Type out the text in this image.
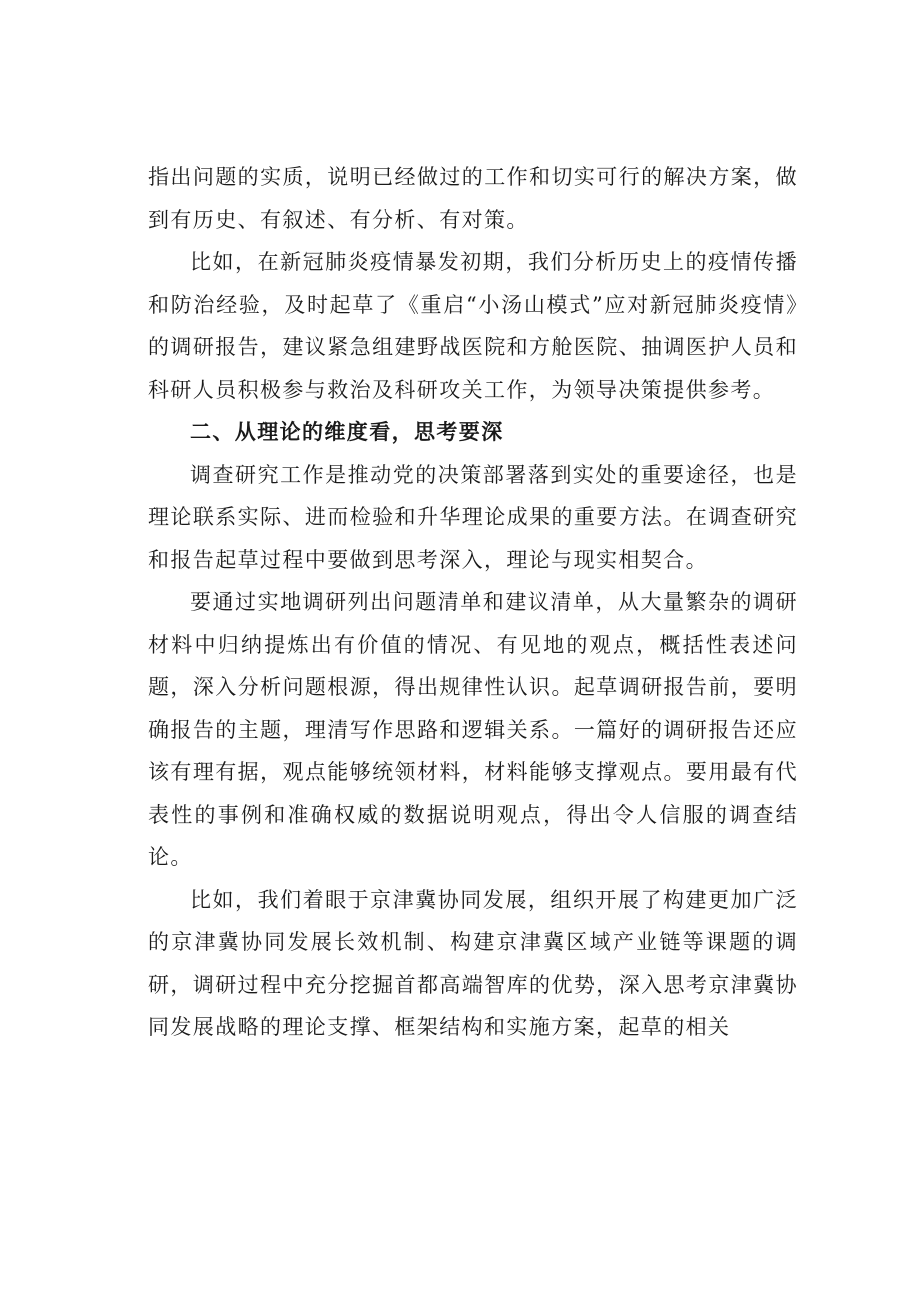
指出问题的实质，说明已经做过的工作和切实可行的解决方案，做到有历史、有叙述、有分析、有对策。

比如，在新冠肺炎疫情暴发初期，我们分析历史上的疫情传播和防治经验，及时起草了《重启“小汤山模式”应对新冠肺炎疫情》的调研报告，建议紧急组建野战医院和方舱医院、抽调医护人员和科研人员积极参与救治及科研攻关工作，为领导决策提供参考。

二、从理论的维度看，思考要深

调查研究工作是推动党的决策部署落到实处的重要途径，也是理论联系实际、进而检验和升华理论成果的重要方法。在调查研究和报告起草过程中要做到思考深入，理论与现实相契合。

要通过实地调研列出问题清单和建议清单，从大量繁杂的调研材料中归纳提炼出有价值的情况、有见地的观点，概括性表述问题，深入分析问题根源，得出规律性认识。起草调研报告前，要明确报告的主题，理清写作思路和逻辑关系。一篇好的调研报告还应该有理有据，观点能够统领材料，材料能够支撑观点。要用最有代表性的事例和准确权威的数据说明观点，得出令人信服的调查结论。

比如，我们着眼于京津冀协同发展，组织开展了构建更加广泛的京津冀协同发展长效机制、构建京津冀区域产业链等课题的调研，调研过程中充分挖掘首都高端智库的优势，深入思考京津冀协同发展战略的理论支撑、框架结构和实施方案，起草的相关
